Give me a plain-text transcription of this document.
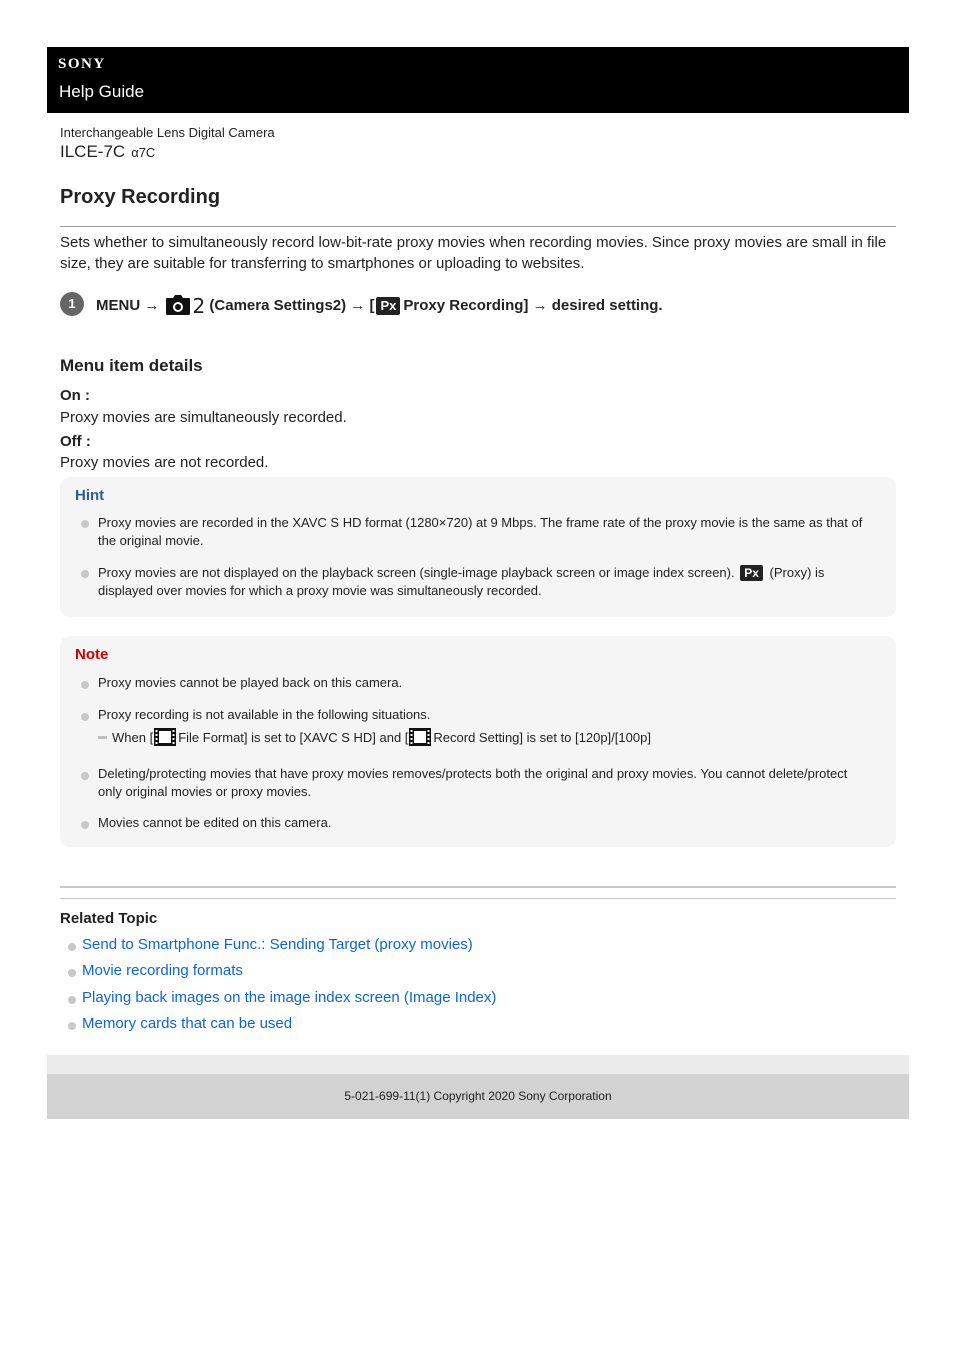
SONY
Help Guide
Interchangeable Lens Digital Camera
ILCE-7C α7C
Proxy Recording

Sets whether to simultaneously record low-bit-rate proxy movies when recording movies. Since proxy movies are small in file size, they are suitable for transferring to smartphones or uploading to websites.

1	MENU → 2 (Camera Settings2) → [ Px Proxy Recording] → desired setting.
Menu item details
On :
Proxy movies are simultaneously recorded.
Off :
Proxy movies are not recorded.
Hint

Proxy movies are recorded in the XAVC S HD format (1280×720) at 9 Mbps. The frame rate of the proxy movie is the same as that of the original movie.

Proxy movies are not displayed on the playback screen (single-image playback screen or image index screen). Px (Proxy) is displayed over movies for which a proxy movie was simultaneously recorded.

Note

Proxy movies cannot be played back on this camera.

Proxy recording is not available in the following situations.

When [ File Format] is set to [XAVC S HD] and [ Record Setting] is set to [120p]/[100p]

Deleting/protecting movies that have proxy movies removes/protects both the original and proxy movies. You cannot delete/protect only original movies or proxy movies.

Movies cannot be edited on this camera.

Related Topic
Send to Smartphone Func.: Sending Target (proxy movies)
Movie recording formats
Playing back images on the image index screen (Image Index)
Memory cards that can be used
5-021-699-11(1) Copyright 2020 Sony Corporation
